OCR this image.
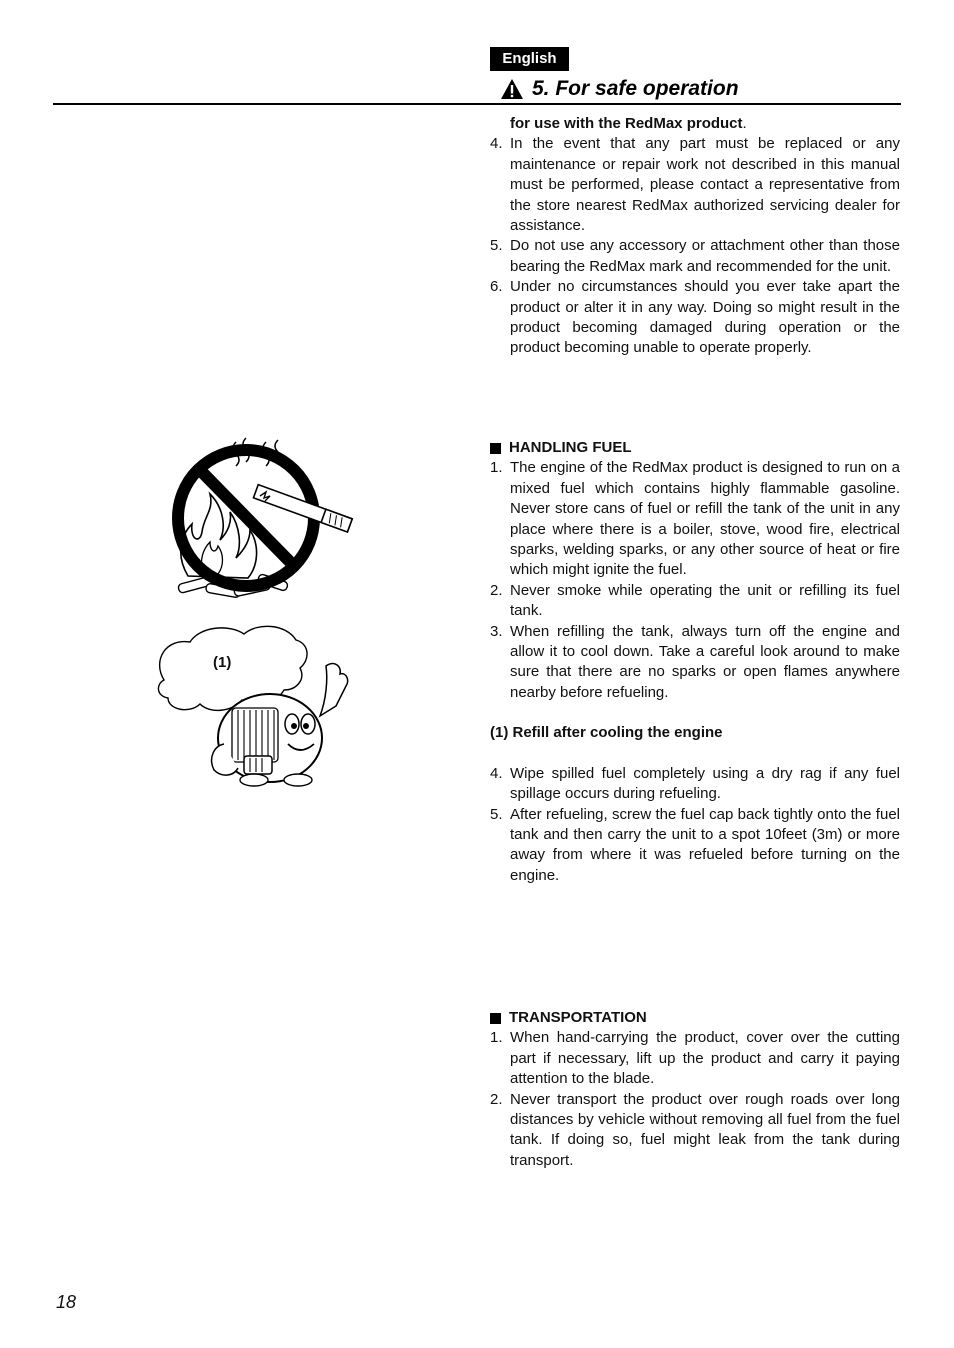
English
5. For safe operation
(1)
for use with the RedMax product.
4. In the event that any part must be replaced or any maintenance or repair work not described in this manual must be performed, please contact a representative from the store nearest RedMax authorized servicing dealer for assistance.
5. Do not use any accessory or attachment other than those bearing the RedMax mark and recommended for the unit.
6. Under no circumstances should you ever take apart the product or alter it in any way. Doing so might result in the product becoming damaged during operation or the product becoming unable to operate properly.
HANDLING FUEL
1. The engine of the RedMax product is designed to run on a mixed fuel which contains highly flammable gasoline. Never store cans of fuel or refill the tank of the unit in any place where there is a boiler, stove, wood fire, electrical sparks, welding sparks, or any other source of heat or fire which might ignite the fuel.
2. Never smoke while operating the unit or refilling its fuel tank.
3. When refilling the tank, always turn off the engine and allow it to cool down. Take a careful look around to make sure that there are no sparks or open flames anywhere nearby before refueling.
(1) Refill after cooling the engine
4. Wipe spilled fuel completely using a dry rag if any fuel spillage occurs during refueling.
5. After refueling, screw the fuel cap back tightly onto the fuel tank and then carry the unit to a spot 10feet (3m) or more away from where it was refueled before turning on the engine.
TRANSPORTATION
1. When hand-carrying the product, cover over the cutting part if necessary, lift up the product and carry it paying attention to the blade.
2. Never transport the product over rough roads over long distances by vehicle without removing all fuel from the fuel tank. If doing so, fuel might leak from the tank during transport.
18
